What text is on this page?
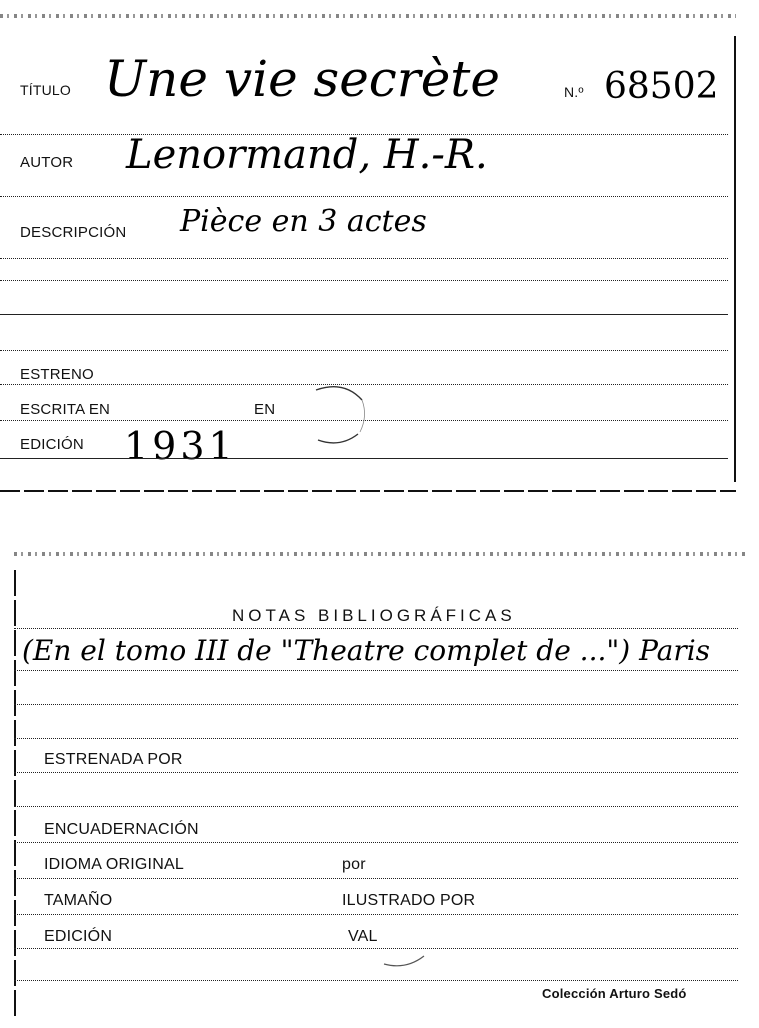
TÍTULO Une vie secrète	N.º 68502
AUTOR Lenormand, H.-R.
DESCRIPCIÓN Pièce en 3 actes
ESTRENO
ESCRITA EN	EN
EDICIÓN 1931
NOTAS BIBLIOGRÁFICAS
(En el tomo III de "Theatre complet de ...") Paris
ESTRENADA POR
ENCUADERNACIÓN
IDIOMA ORIGINAL	por
TAMAÑO	ILUSTRADO POR
EDICIÓN	VAL
Colección Arturo Sedó
